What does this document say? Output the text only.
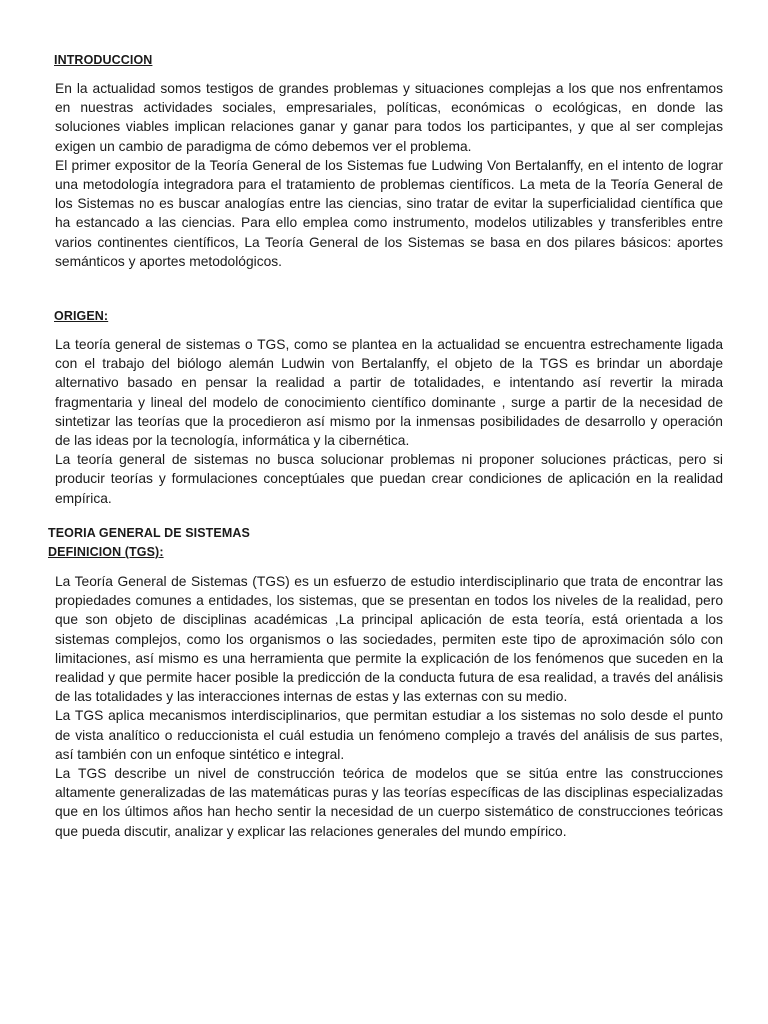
INTRODUCCION

En la actualidad somos testigos de grandes problemas y situaciones complejas a los que nos enfrentamos en nuestras actividades sociales, empresariales, políticas, económicas o ecológicas, en donde las soluciones viables implican relaciones ganar y ganar para todos los participantes, y que al ser complejas exigen un cambio de paradigma de cómo debemos ver el problema.

El primer expositor de la Teoría General de los Sistemas fue Ludwing Von Bertalanffy, en el intento de lograr una metodología integradora para el tratamiento de problemas científicos. La meta de la Teoría General de los Sistemas no es buscar analogías entre las ciencias, sino tratar de evitar la superficialidad científica que ha estancado a las ciencias. Para ello emplea como instrumento, modelos utilizables y transferibles entre varios continentes científicos, La Teoría General de los Sistemas se basa en dos pilares básicos: aportes semánticos y aportes metodológicos.

ORIGEN:

La teoría general de sistemas o TGS, como se plantea en la actualidad se encuentra estrechamente ligada con el trabajo del biólogo alemán Ludwin von Bertalanffy, el objeto de la TGS es brindar un abordaje alternativo basado en pensar la realidad a partir de totalidades, e intentando así revertir la mirada fragmentaria y lineal del modelo de conocimiento científico dominante , surge a partir de la necesidad de sintetizar las teorías que la procedieron así mismo por la inmensas posibilidades de desarrollo y operación de las ideas por la tecnología, informática y la cibernética.

La teoría general de sistemas no busca solucionar problemas ni proponer soluciones prácticas, pero si producir teorías y formulaciones conceptúales que puedan crear condiciones de aplicación en la realidad empírica.

TEORIA GENERAL DE SISTEMAS
DEFINICION (TGS):

La Teoría General de Sistemas (TGS) es un esfuerzo de estudio interdisciplinario que trata de encontrar las propiedades comunes a entidades, los sistemas, que se presentan en todos los niveles de la realidad, pero que son objeto de disciplinas académicas ,La principal aplicación de esta teoría, está orientada a los sistemas complejos, como los organismos o las sociedades, permiten este tipo de aproximación sólo con limitaciones, así mismo es una herramienta que permite la explicación de los fenómenos que suceden en la realidad y que permite hacer posible la predicción de la conducta futura de esa realidad, a través del análisis de las totalidades y las interacciones internas de estas y las externas con su medio.

La TGS aplica mecanismos interdisciplinarios, que permitan estudiar a los sistemas no solo desde el punto de vista analítico o reduccionista el cuál estudia un fenómeno complejo a través del análisis de sus partes, así también con un enfoque sintético e integral.

La TGS describe un nivel de construcción teórica de modelos que se sitúa entre las construcciones altamente generalizadas de las matemáticas puras y las teorías específicas de las disciplinas especializadas que en los últimos años han hecho sentir la necesidad de un cuerpo sistemático de construcciones teóricas que pueda discutir, analizar y explicar las relaciones generales del mundo empírico.
